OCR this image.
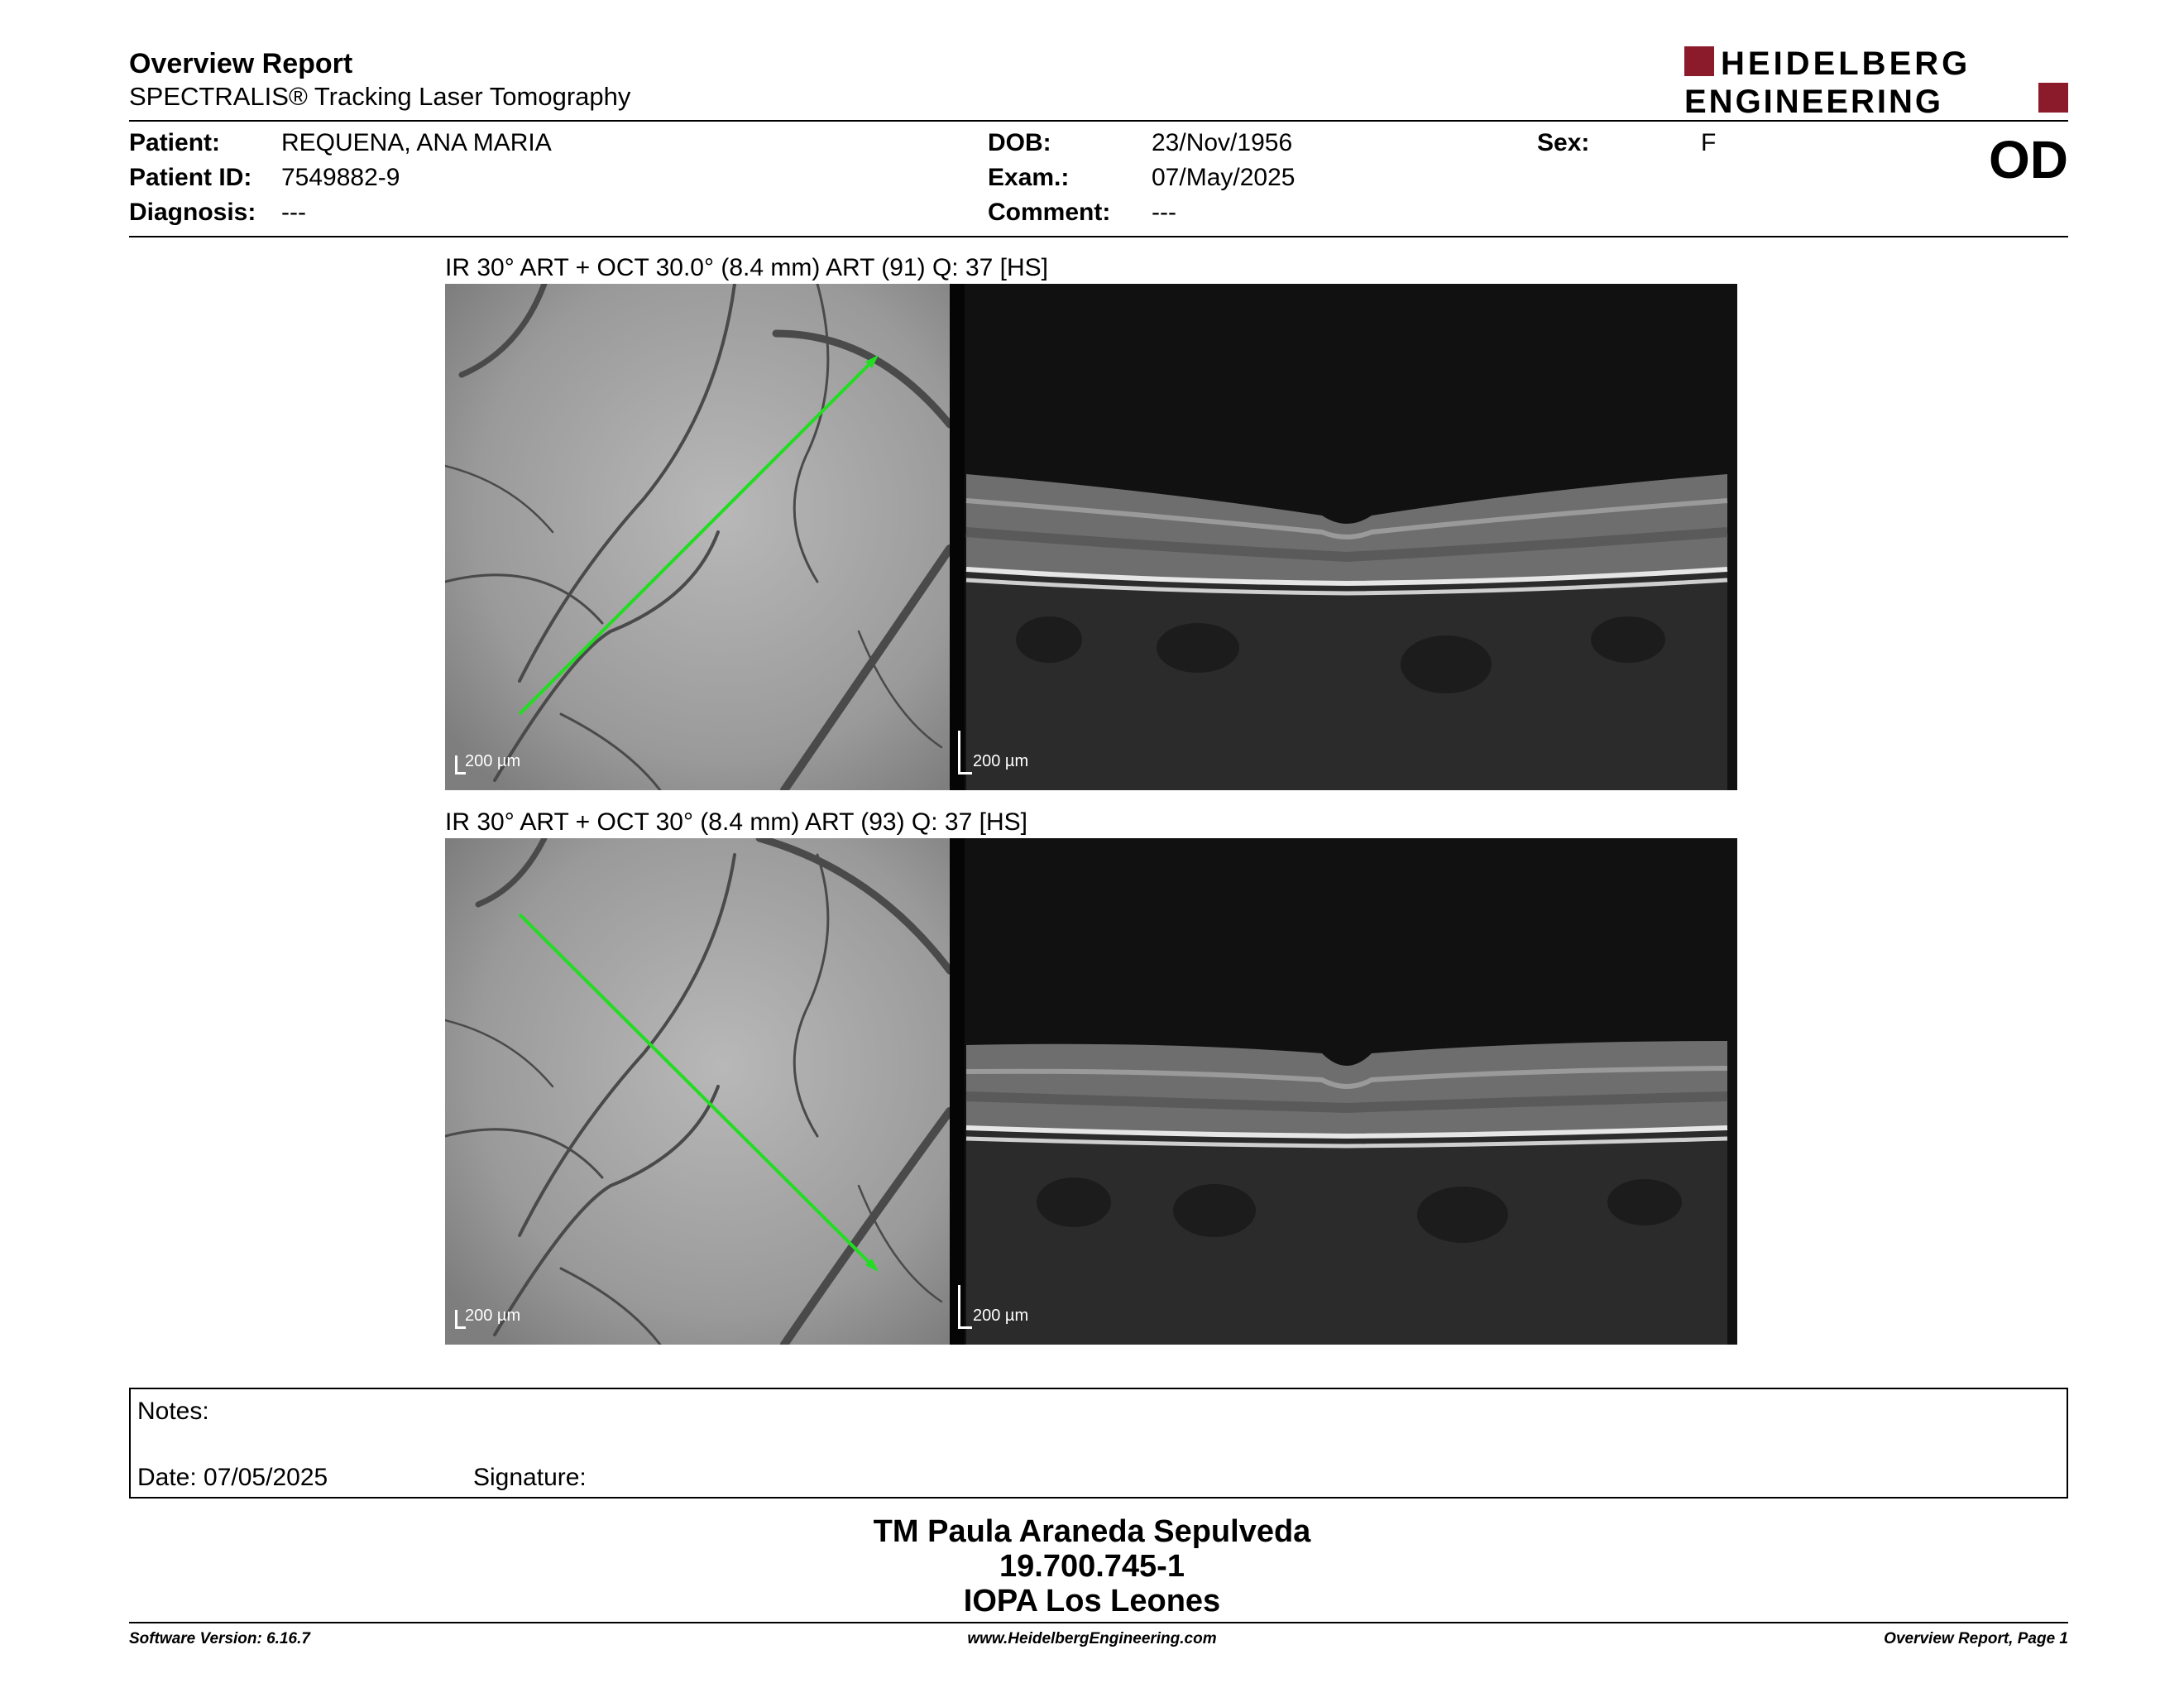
Overview Report
SPECTRALIS® Tracking Laser Tomography
HEIDELBERG
ENGINEERING
Patient: REQUENA, ANA MARIA
Patient ID: 7549882-9
Diagnosis: ---
DOB:	23/Nov/1956
Exam.:	07/May/2025
Comment: ---
Sex:	F	OD
IR 30° ART + OCT 30.0° (8.4 mm) ART (91) Q: 37 [HS]
200 µm	200 µm
IR 30° ART + OCT 30° (8.4 mm) ART (93) Q: 37 [HS]
200 µm	200 µm
Notes:
Date: 07/05/2025	Signature:
TM Paula Araneda Sepulveda
19.700.745-1
IOPA Los Leones
Software Version: 6.16.7	www.HeidelbergEngineering.com	Overview Report, Page 1
